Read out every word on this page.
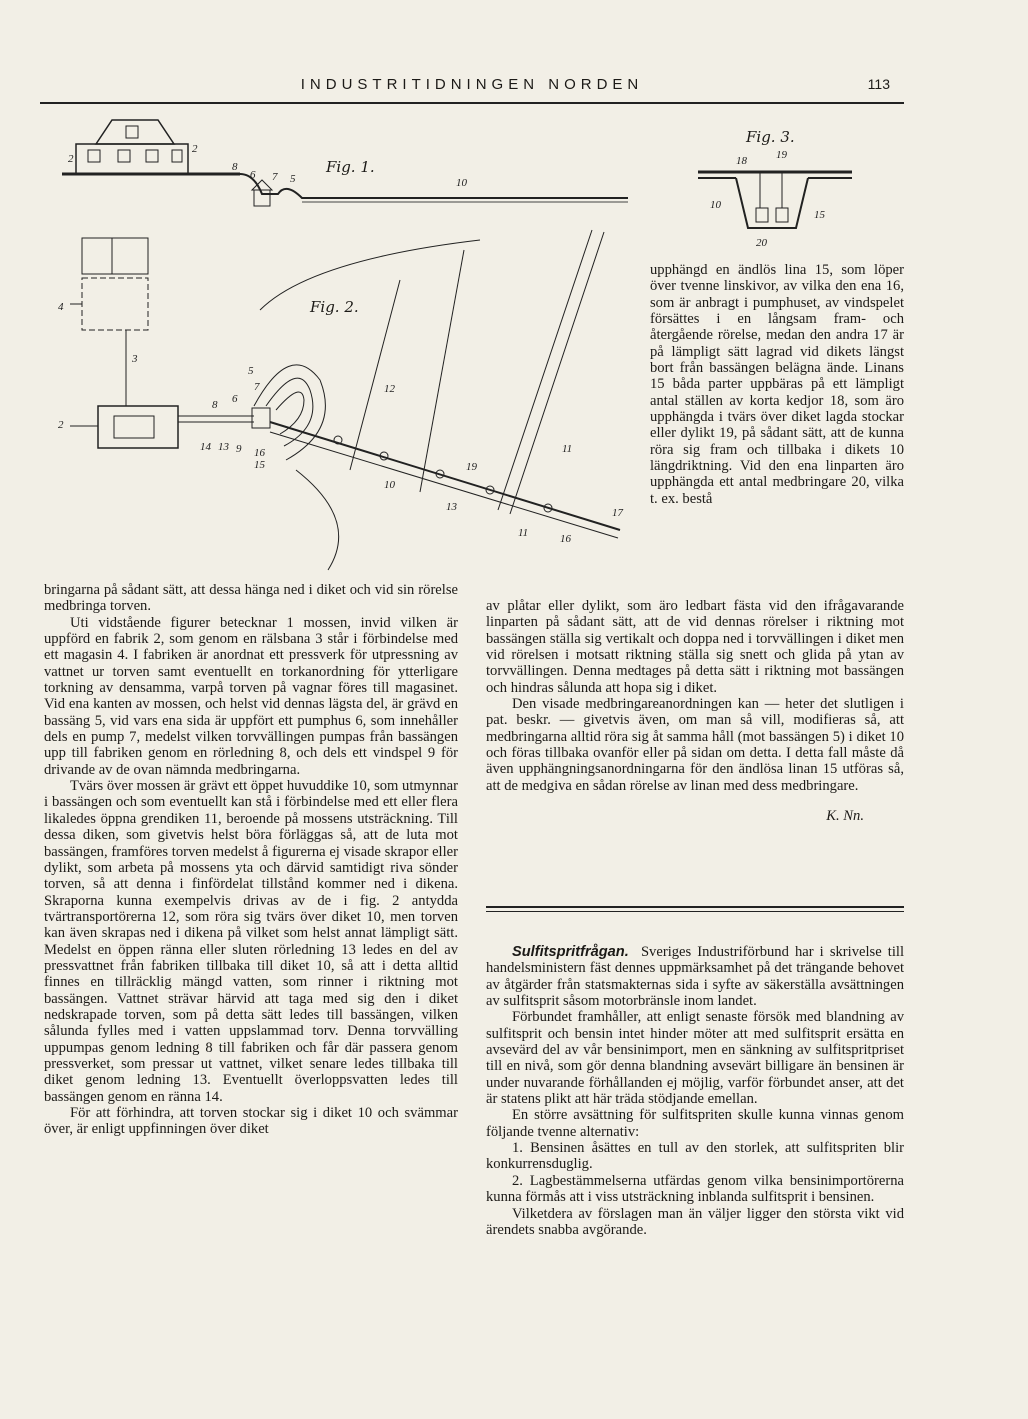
INDUSTRITIDNINGEN NORDEN	113
2
2
8
6 7 5	10
Fig. 1.
4
3
2
5
7
6
8
14 13 9 16
15
12
19
10
13
11
11	16
17
Fig. 2.
Fig. 3.
18	19
10
15
20

upphängd en ändlös lina 15, som löper över tvenne linskivor, av vilka den ena 16, som är anbragt i pumphuset, av vindspelet försättes i en långsam fram- och återgående rörelse, medan den andra 17 är på lämpligt sätt lagrad vid dikets längst bort från bassängen belägna ände. Linans 15 båda parter uppbäras på ett lämpligt antal ställen av korta kedjor 18, som äro upphängda i tvärs över diket lagda stockar eller dylikt 19, på sådant sätt, att de kunna röra sig fram och tillbaka i dikets 10 längdriktning. Vid den ena linparten äro upphängda ett antal medbringare 20, vilka t. ex. bestå

bringarna på sådant sätt, att dessa hänga ned i diket och vid sin rörelse medbringa torven.

Uti vidstående figurer betecknar 1 mossen, invid vilken är uppförd en fabrik 2, som genom en rälsbana 3 står i förbindelse med ett magasin 4. I fabriken är anordnat ett pressverk för utpressning av vattnet ur torven samt eventuellt en torkanordning för ytterligare torkning av densamma, varpå torven på vagnar föres till magasinet. Vid ena kanten av mossen, och helst vid dennas lägsta del, är grävd en bassäng 5, vid vars ena sida är uppfört ett pumphus 6, som innehåller dels en pump 7, medelst vilken torvvällingen pumpas från bassängen upp till fabriken genom en rörledning 8, och dels ett vindspel 9 för drivande av de ovan nämnda medbringarna.

Tvärs över mossen är grävt ett öppet huvuddike 10, som utmynnar i bassängen och som eventuellt kan stå i förbindelse med ett eller flera likaledes öppna grendiken 11, beroende på mossens utsträckning. Till dessa diken, som givetvis helst böra förläggas så, att de luta mot bassängen, framföres torven medelst å figurerna ej visade skrapor eller dylikt, som arbeta på mossens yta och därvid samtidigt riva sönder torven, så att denna i finfördelat tillstånd kommer ned i dikena. Skraporna kunna exempelvis drivas av de i fig. 2 antydda tvärtransportörerna 12, som röra sig tvärs över diket 10, men torven kan även skrapas ned i dikena på vilket som helst annat lämpligt sätt. Medelst en öppen ränna eller sluten rörledning 13 ledes en del av pressvattnet från fabriken tillbaka till diket 10, så att i detta alltid finnes en tillräcklig mängd vatten, som rinner i riktning mot bassängen. Vattnet strävar härvid att taga med sig den i diket nedskrapade torven, som på detta sätt ledes till bassängen, vilken sålunda fylles med i vatten uppslammad torv. Denna torvvälling uppumpas genom ledning 8 till fabriken och får där passera genom pressverket, som pressar ut vattnet, vilket senare ledes tillbaka till diket genom ledning 13. Eventuellt överloppsvatten ledes till bassängen genom en ränna 14.

För att förhindra, att torven stockar sig i diket 10 och svämmar över, är enligt uppfinningen över diket

av plåtar eller dylikt, som äro ledbart fästa vid den ifrågavarande linparten på sådant sätt, att de vid dennas rörelser i riktning mot bassängen ställa sig vertikalt och doppa ned i torvvällingen i diket men vid rörelsen i motsatt riktning ställa sig snett och glida på ytan av torvvällingen. Denna medtages på detta sätt i riktning mot bassängen och hindras sålunda att hopa sig i diket.

Den visade medbringareanordningen kan — heter det slutligen i pat. beskr. — givetvis även, om man så vill, modifieras så, att medbringarna alltid röra sig åt samma håll (mot bassängen 5) i diket 10 och föras tillbaka ovanför eller på sidan om detta. I detta fall måste då även upphängningsanordningarna för den ändlösa linan 15 utföras så, att de medgiva en sådan rörelse av linan med dess medbringare.

K. Nn.

Sulfitspritfrågan. Sveriges Industriförbund har i skrivelse till handelsministern fäst dennes uppmärksamhet på det trängande behovet av åtgärder från statsmakternas sida i syfte av säkerställa avsättningen av sulfitsprit såsom motorbränsle inom landet.

Förbundet framhåller, att enligt senaste försök med blandning av sulfitsprit och bensin intet hinder möter att med sulfitsprit ersätta en avsevärd del av vår bensinimport, men en sänkning av sulfitspritpriset till en nivå, som gör denna blandning avsevärt billigare än bensinen är under nuvarande förhållanden ej möjlig, varför förbundet anser, att det är statens plikt att här träda stödjande emellan.

En större avsättning för sulfitspriten skulle kunna vinnas genom följande tvenne alternativ:

1. Bensinen åsättes en tull av den storlek, att sulfitspriten blir konkurrensduglig.

2. Lagbestämmelserna utfärdas genom vilka bensinimportörerna kunna förmås att i viss utsträckning inblanda sulfitsprit i bensinen.

Vilketdera av förslagen man än väljer ligger den största vikt vid ärendets snabba avgörande.
